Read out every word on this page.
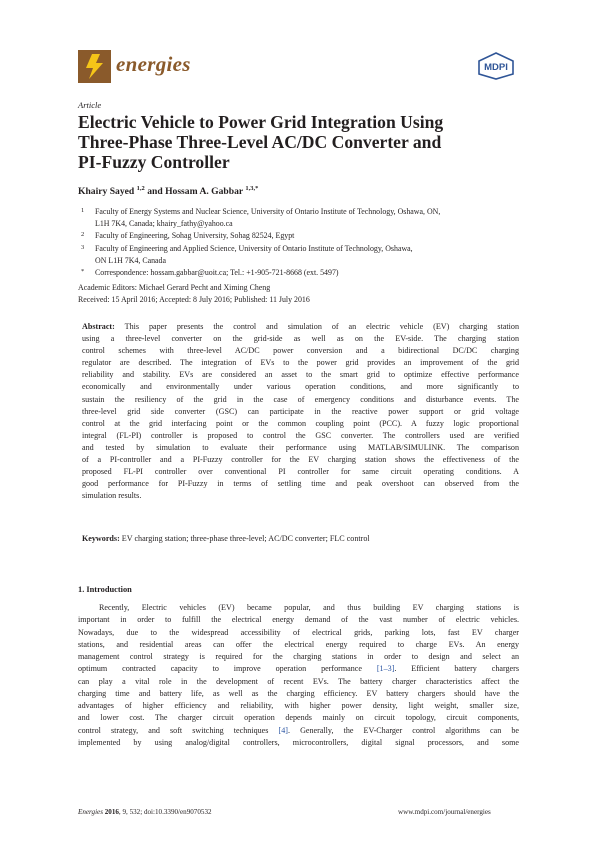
energies	MDPI
Article
Electric Vehicle to Power Grid Integration Using
Three-Phase Three-Level AC/DC Converter and
PI-Fuzzy Controller
Khairy Sayed $^{1,2}$ and Hossam A. Gabbar $^{1,3,*}$
1 Faculty of Energy Systems and Nuclear Science, University of Ontario Institute of Technology, Oshawa, ON,
L1H 7K4, Canada; khairy_fathy@yahoo.ca
2 Faculty of Engineering, Sohag University, Sohag 82524, Egypt
3 Faculty of Engineering and Applied Science, University of Ontario Institute of Technology, Oshawa,
ON L1H 7K4, Canada
* Correspondence: hossam.gabbar@uoit.ca; Tel.: +1-905-721-8668 (ext. 5497)
Academic Editors: Michael Gerard Pecht and Ximing Cheng
Received: 15 April 2016; Accepted: 8 July 2016; Published: 11 July 2016
Abstract: This paper presents the control and simulation of an electric vehicle (EV) charging station
using a three-level converter on the grid-side as well as on the EV-side. The charging station
control schemes with three-level AC/DC power conversion and a bidirectional DC/DC charging
regulator are described. The integration of EVs to the power grid provides an improvement of the grid
reliability and stability. EVs are considered an asset to the smart grid to optimize effective performance
economically and environmentally under various operation conditions, and more significantly to
sustain the resiliency of the grid in the case of emergency conditions and disturbance events. The
three-level grid side converter (GSC) can participate in the reactive power support or grid voltage
control at the grid interfacing point or the common coupling point (PCC). A fuzzy logic proportional
integral (FL-PI) controller is proposed to control the GSC converter. The controllers used are verified
and tested by simulation to evaluate their performance using MATLAB/SIMULINK. The comparison
of a PI-controller and a PI-Fuzzy controller for the EV charging station shows the effectiveness of the
proposed FL-PI controller over conventional PI controller for same circuit operating conditions. A
good performance for PI-Fuzzy in terms of settling time and peak overshoot can observed from the
simulation results.
Keywords: EV charging station; three-phase three-level; AC/DC converter; FLC control
1. Introduction
Recently, Electric vehicles (EV) became popular, and thus building EV charging stations is
important in order to fulfill the electrical energy demand of the vast number of electric vehicles.
Nowadays, due to the widespread accessibility of electrical grids, parking lots, fast EV charger
stations, and residential areas can offer the electrical energy required to charge EVs. An energy
management control strategy is required for the charging stations in order to design and select an
optimum contracted capacity to improve operation performance [1–3]. Efficient battery chargers
can play a vital role in the development of recent EVs. The battery charger characteristics affect the
charging time and battery life, as well as the charging efficiency. EV battery chargers should have the
advantages of higher efficiency and reliability, with higher power density, light weight, smaller size,
and lower cost. The charger circuit operation depends mainly on circuit topology, circuit components,
control strategy, and soft switching techniques [4]. Generally, the EV-Charger control algorithms can be
implemented by using analog/digital controllers, microcontrollers, digital signal processors, and some
Energies 2016, 9, 532; doi:10.3390/en9070532	www.mdpi.com/journal/energies
